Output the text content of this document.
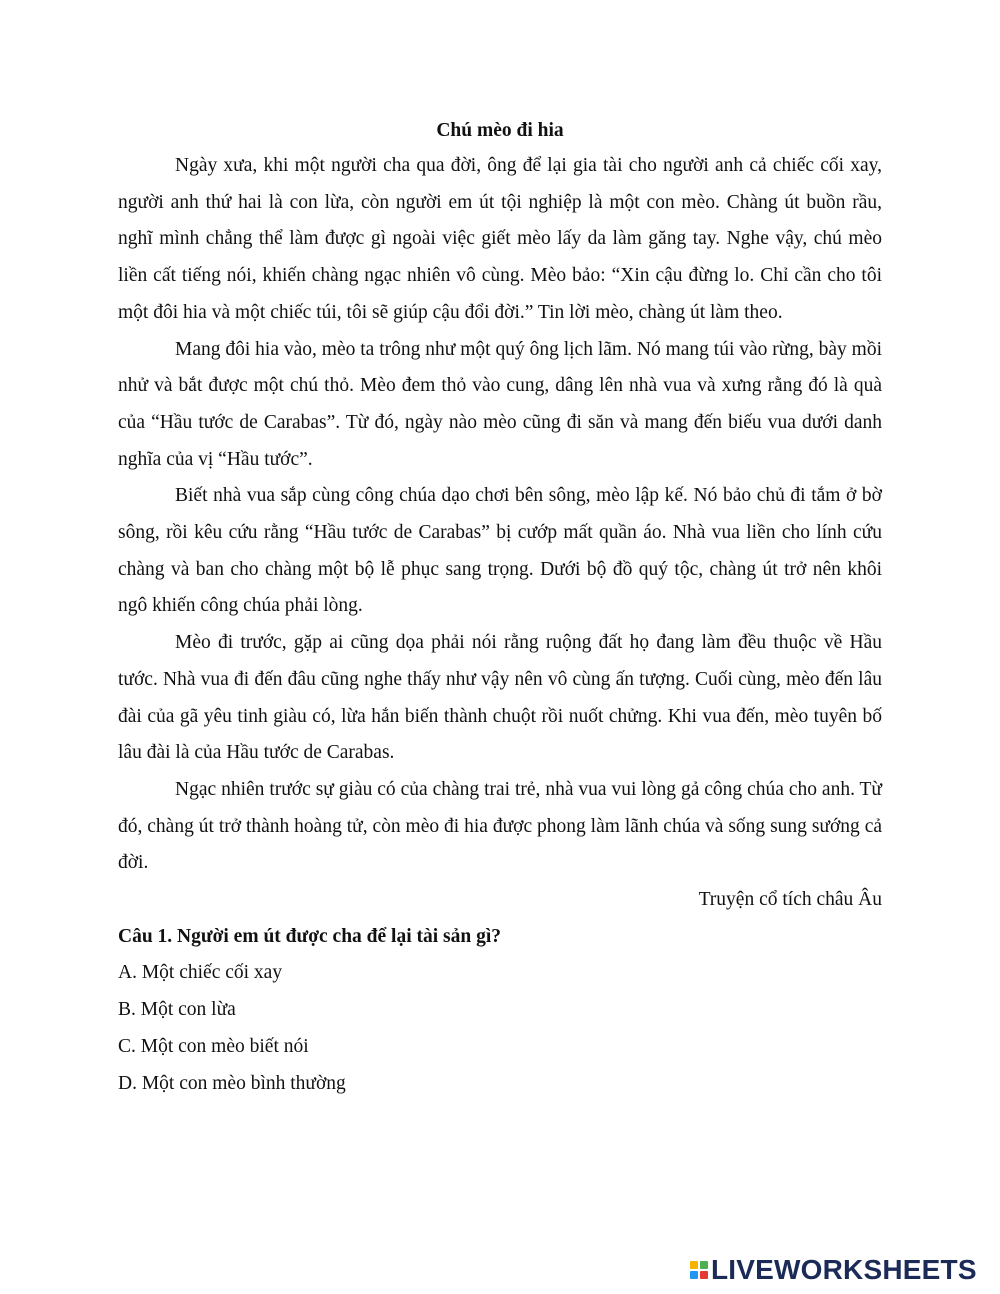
Chú mèo đi hia

Ngày xưa, khi một người cha qua đời, ông để lại gia tài cho người anh cả chiếc cối xay, người anh thứ hai là con lừa, còn người em út tội nghiệp là một con mèo. Chàng út buồn rầu, nghĩ mình chẳng thể làm được gì ngoài việc giết mèo lấy da làm găng tay. Nghe vậy, chú mèo liền cất tiếng nói, khiến chàng ngạc nhiên vô cùng. Mèo bảo: “Xin cậu đừng lo. Chỉ cần cho tôi một đôi hia và một chiếc túi, tôi sẽ giúp cậu đổi đời.” Tin lời mèo, chàng út làm theo.

Mang đôi hia vào, mèo ta trông như một quý ông lịch lãm. Nó mang túi vào rừng, bày mồi nhử và bắt được một chú thỏ. Mèo đem thỏ vào cung, dâng lên nhà vua và xưng rằng đó là quà của “Hầu tước de Carabas”. Từ đó, ngày nào mèo cũng đi săn và mang đến biếu vua dưới danh nghĩa của vị “Hầu tước”.

Biết nhà vua sắp cùng công chúa dạo chơi bên sông, mèo lập kế. Nó bảo chủ đi tắm ở bờ sông, rồi kêu cứu rằng “Hầu tước de Carabas” bị cướp mất quần áo. Nhà vua liền cho lính cứu chàng và ban cho chàng một bộ lễ phục sang trọng. Dưới bộ đồ quý tộc, chàng út trở nên khôi ngô khiến công chúa phải lòng.

Mèo đi trước, gặp ai cũng dọa phải nói rằng ruộng đất họ đang làm đều thuộc về Hầu tước. Nhà vua đi đến đâu cũng nghe thấy như vậy nên vô cùng ấn tượng. Cuối cùng, mèo đến lâu đài của gã yêu tinh giàu có, lừa hắn biến thành chuột rồi nuốt chửng. Khi vua đến, mèo tuyên bố lâu đài là của Hầu tước de Carabas.

Ngạc nhiên trước sự giàu có của chàng trai trẻ, nhà vua vui lòng gả công chúa cho anh. Từ đó, chàng út trở thành hoàng tử, còn mèo đi hia được phong làm lãnh chúa và sống sung sướng cả đời.

Truyện cổ tích châu Âu

Câu 1. Người em út được cha để lại tài sản gì?

A. Một chiếc cối xay

B. Một con lừa

C. Một con mèo biết nói

D. Một con mèo bình thường

LIVEWORKSHEETS
